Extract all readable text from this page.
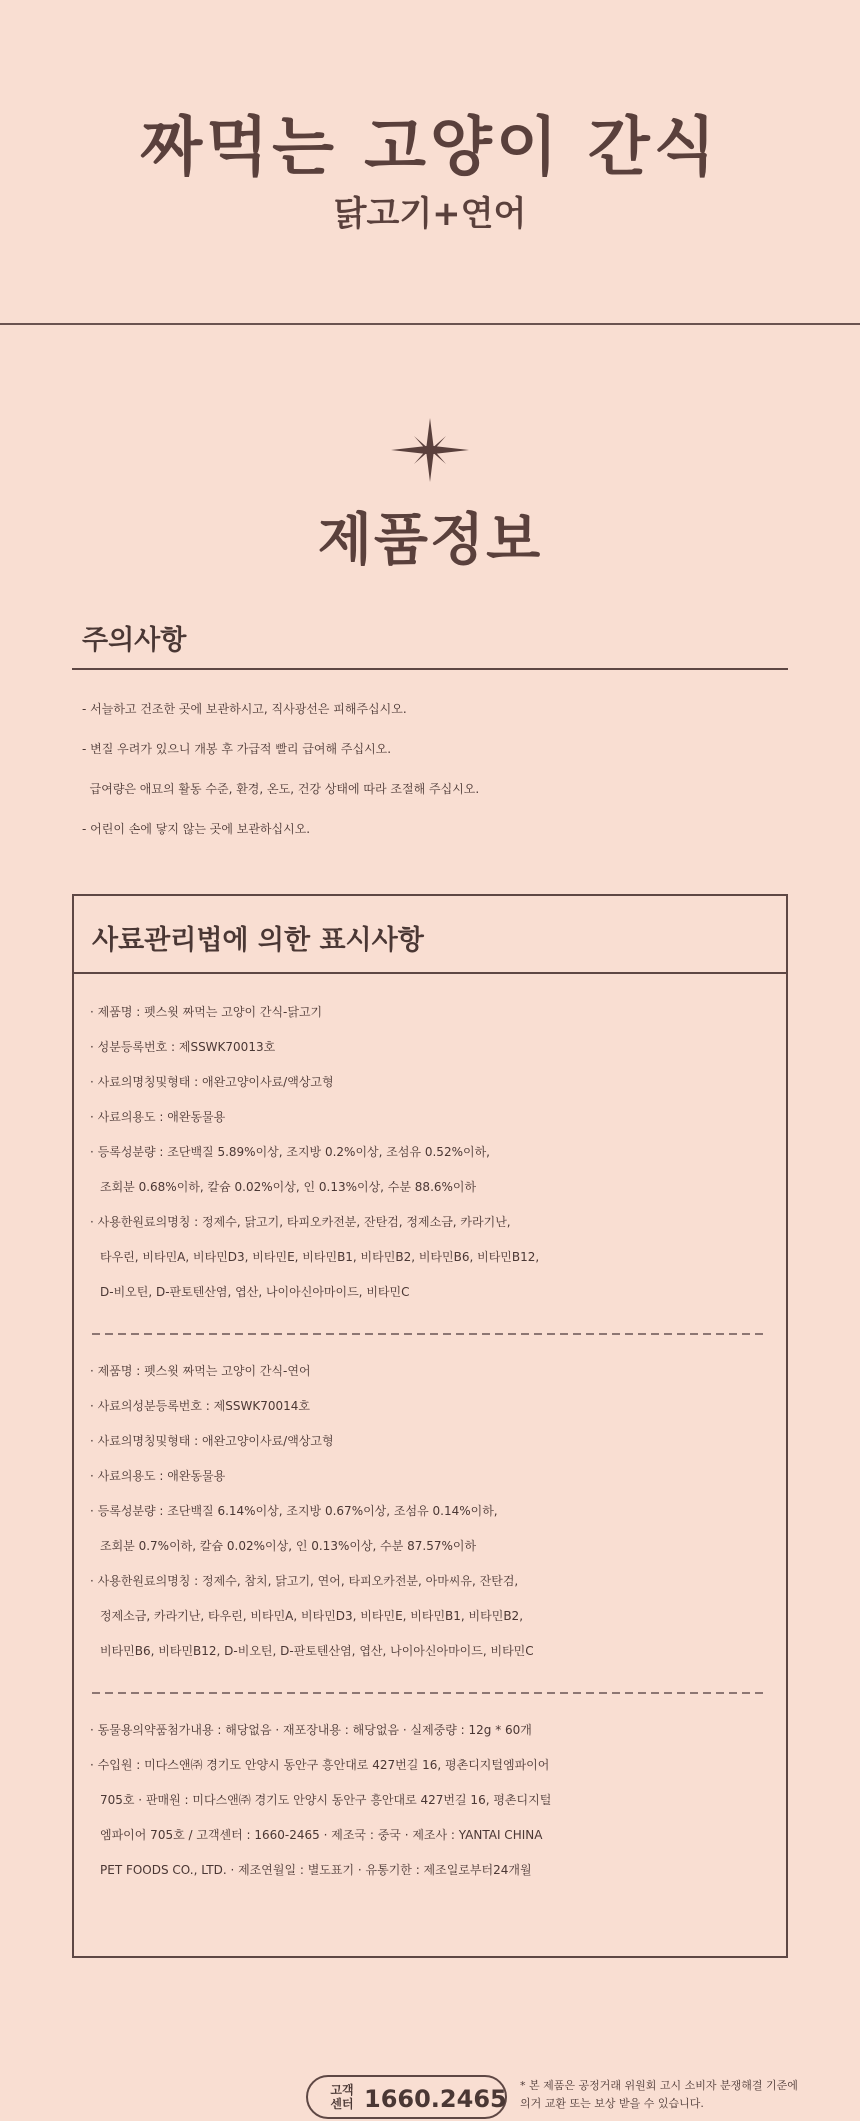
짜먹는 고양이 간식
닭고기+연어
제품정보
주의사항
- 서늘하고 건조한 곳에 보관하시고, 직사광선은 피해주십시오.
- 변질 우려가 있으니 개봉 후 가급적 빨리 급여해 주십시오.
급여량은 애묘의 활동 수준, 환경, 온도, 건강 상태에 따라 조절해 주십시오.
- 어린이 손에 닿지 않는 곳에 보관하십시오.
사료관리법에 의한 표시사항
· 제품명 : 펫스윗 짜먹는 고양이 간식-닭고기
· 성분등록번호 : 제SSWK70013호
· 사료의명칭및형태 : 애완고양이사료/액상고형
· 사료의용도 : 애완동물용
· 등록성분량 : 조단백질 5.89%이상, 조지방 0.2%이상, 조섬유 0.52%이하,
조회분 0.68%이하, 칼슘 0.02%이상, 인 0.13%이상, 수분 88.6%이하
· 사용한원료의명칭 : 정제수, 닭고기, 타피오카전분, 잔탄검, 정제소금, 카라기난,
타우린, 비타민A, 비타민D3, 비타민E, 비타민B1, 비타민B2, 비타민B6, 비타민B12,
D-비오틴, D-판토텐산염, 엽산, 나이아신아마이드, 비타민C
· 제품명 : 펫스윗 짜먹는 고양이 간식-연어
· 사료의성분등록번호 : 제SSWK70014호
· 사료의명칭및형태 : 애완고양이사료/액상고형
· 사료의용도 : 애완동물용
· 등록성분량 : 조단백질 6.14%이상, 조지방 0.67%이상, 조섬유 0.14%이하,
조회분 0.7%이하, 칼슘 0.02%이상, 인 0.13%이상, 수분 87.57%이하
· 사용한원료의명칭 : 정제수, 참치, 닭고기, 연어, 타피오카전분, 아마씨유, 잔탄검,
정제소금, 카라기난, 타우린, 비타민A, 비타민D3, 비타민E, 비타민B1, 비타민B2,
비타민B6, 비타민B12, D-비오틴, D-판토텐산염, 엽산, 나이아신아마이드, 비타민C
· 동물용의약품첨가내용 : 해당없음 · 재포장내용 : 해당없음 · 실제중량 : 12g * 60개
· 수입원 : 미다스앤㈜ 경기도 안양시 동안구 흥안대로 427번길 16, 평촌디지털엠파이어
705호 · 판매원 : 미다스앤㈜ 경기도 안양시 동안구 흥안대로 427번길 16, 평촌디지털
엠파이어 705호 / 고객센터 : 1660-2465 · 제조국 : 중국 · 제조사 : YANTAI CHINA
PET FOODS CO., LTD. · 제조연월일 : 별도표기 · 유통기한 : 제조일로부터24개월
고객 센터 1660.2465 * 본 제품은 공정거래 위원회 고시 소비자 분쟁해결 기준에 의거 교환 또는 보상 받을 수 있습니다.
